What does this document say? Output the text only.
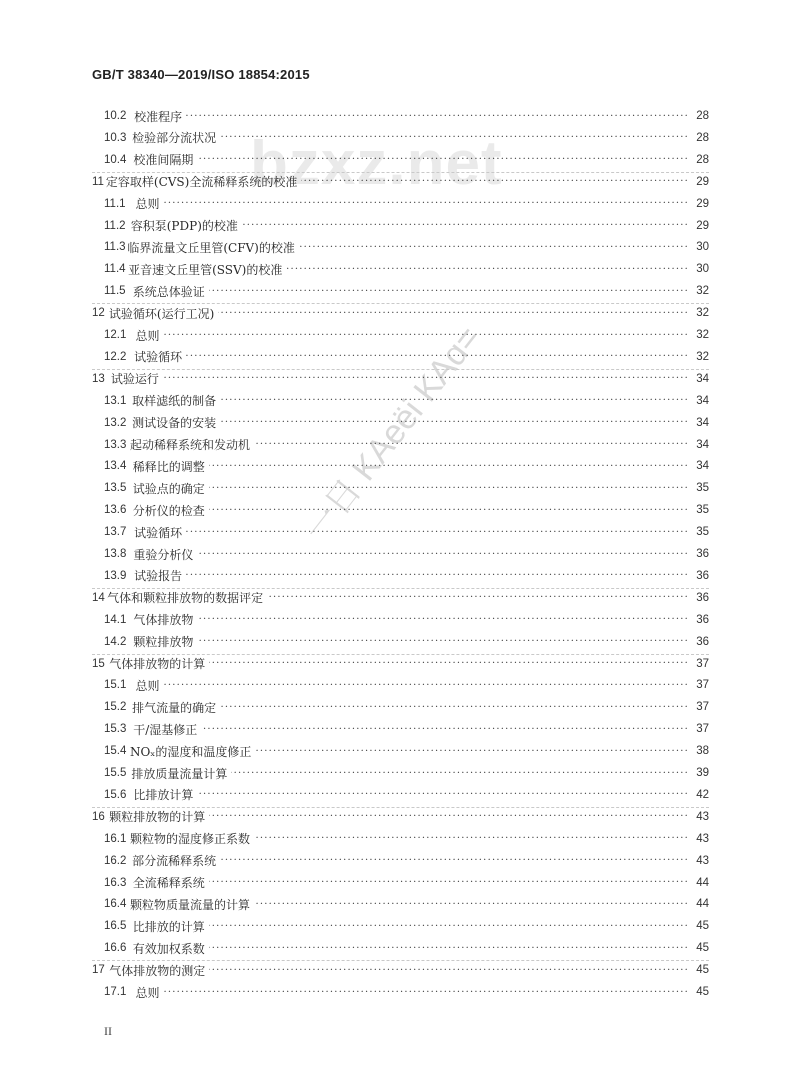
GB/T 38340—2019/ISO 18854:2015
bzxz.net
一日 KAeёi KAɑ=
10.2 校准程序 ·····	28
10.3 检验部分流状况 ·····	28
10.4 校准间隔期 ·····	28
11 定容取样(CVS)全流稀释系统的校准 ·····	29
11.1 总则 ·····	29
11.2 容积泵(PDP)的校准 ·····	29
11.3 临界流量文丘里管(CFV)的校准 ·····	30
11.4 亚音速文丘里管(SSV)的校准 ·····	30
11.5 系统总体验证 ·····	32
12 试验循环(运行工况) ·····	32
12.1 总则 ·····	32
12.2 试验循环 ·····	32
13 试验运行 ·····	34
13.1 取样滤纸的制备 ·····	34
13.2 测试设备的安装 ·····	34
13.3 起动稀释系统和发动机 ·····	34
13.4 稀释比的调整 ·····	34
13.5 试验点的确定 ·····	35
13.6 分析仪的检查 ·····	35
13.7 试验循环 ·····	35
13.8 重验分析仪 ·····	36
13.9 试验报告 ·····	36
14 气体和颗粒排放物的数据评定 ·····	36
14.1 气体排放物 ·····	36
14.2 颗粒排放物 ·····	36
15 气体排放物的计算 ·····	37
15.1 总则 ·····	37
15.2 排气流量的确定 ·····	37
15.3 干/湿基修正 ·····	37
15.4 NOₓ的湿度和温度修正 ·····	38
15.5 排放质量流量计算 ·····	39
15.6 比排放计算 ·····	42
16 颗粒排放物的计算 ·····	43
16.1 颗粒物的湿度修正系数 ·····	43
16.2 部分流稀释系统 ·····	43
16.3 全流稀释系统 ·····	44
16.4 颗粒物质量流量的计算 ·····	44
16.5 比排放的计算 ·····	45
16.6 有效加权系数 ·····	45
17 气体排放物的测定 ·····	45
17.1 总则 ·····	45
II
